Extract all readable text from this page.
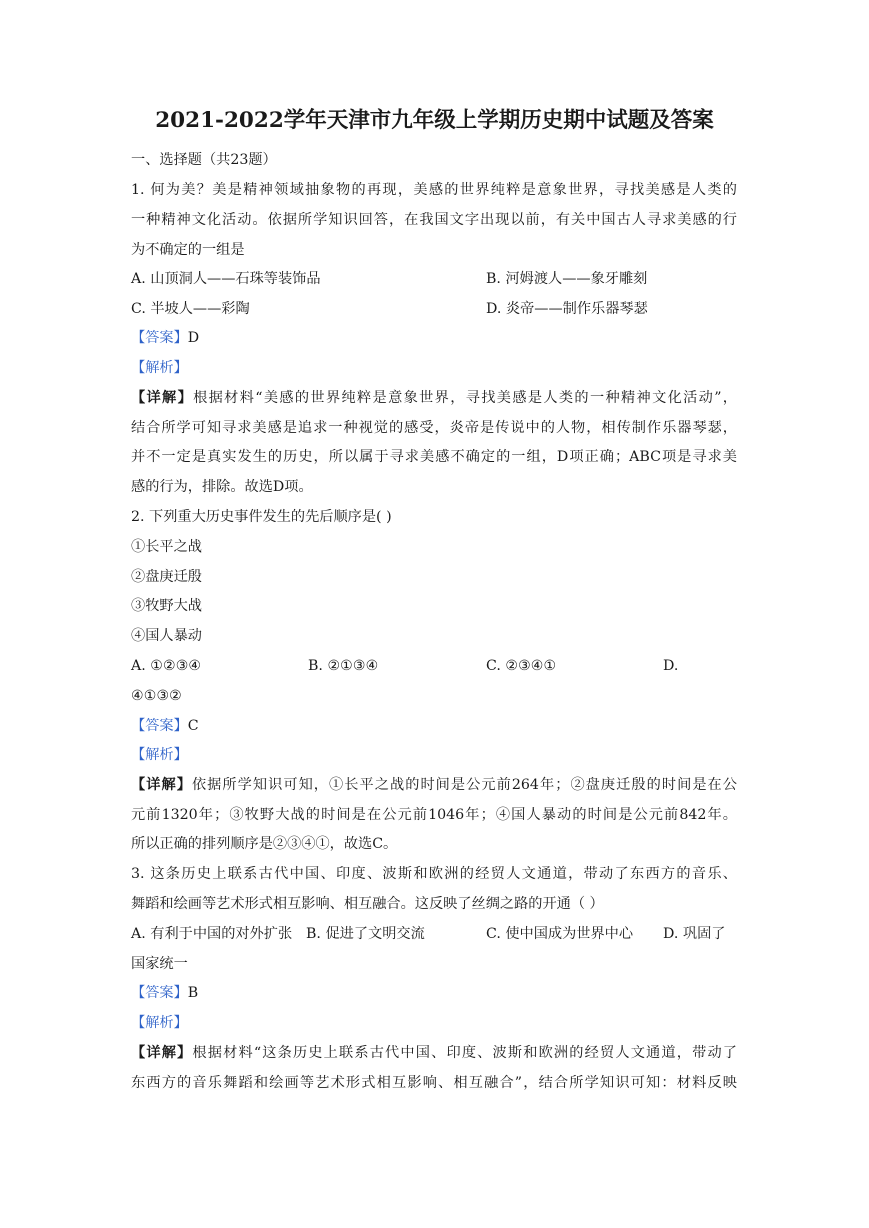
2021-2022学年天津市九年级上学期历史期中试题及答案
一、选择题（共23题）
1. 何为美？美是精神领域抽象物的再现，美感的世界纯粹是意象世界，寻找美感是人类的
一种精神文化活动。依据所学知识回答，在我国文字出现以前，有关中国古人寻求美感的行
为不确定的一组是
A. 山顶洞人——石珠等装饰品	B. 河姆渡人——象牙雕刻
C. 半坡人——彩陶	D. 炎帝——制作乐器琴瑟
【答案】D
【解析】
【详解】根据材料“美感的世界纯粹是意象世界，寻找美感是人类的一种精神文化活动”，
结合所学可知寻求美感是追求一种视觉的感受，炎帝是传说中的人物，相传制作乐器琴瑟，
并不一定是真实发生的历史，所以属于寻求美感不确定的一组，D项正确；ABC项是寻求美
感的行为，排除。故选D项。
2. 下列重大历史事件发生的先后顺序是( )
①长平之战
②盘庚迁殷
③牧野大战
④国人暴动
A. ①②③④	B. ②①③④	C. ②③④①	D.
④①③②
【答案】C
【解析】
【详解】依据所学知识可知，①长平之战的时间是公元前264年；②盘庚迁殷的时间是在公
元前1320年；③牧野大战的时间是在公元前1046年；④国人暴动的时间是公元前842年。
所以正确的排列顺序是②③④①，故选C。
3. 这条历史上联系古代中国、印度、波斯和欧洲的经贸人文通道，带动了东西方的音乐、
舞蹈和绘画等艺术形式相互影响、相互融合。这反映了丝绸之路的开通（ ）
A. 有利于中国的对外扩张 B. 促进了文明交流	C. 使中国成为世界中心 D. 巩固了
国家统一
【答案】B
【解析】
【详解】根据材料“这条历史上联系古代中国、印度、波斯和欧洲的经贸人文通道，带动了
东西方的音乐舞蹈和绘画等艺术形式相互影响、相互融合”，结合所学知识可知：材料反映
